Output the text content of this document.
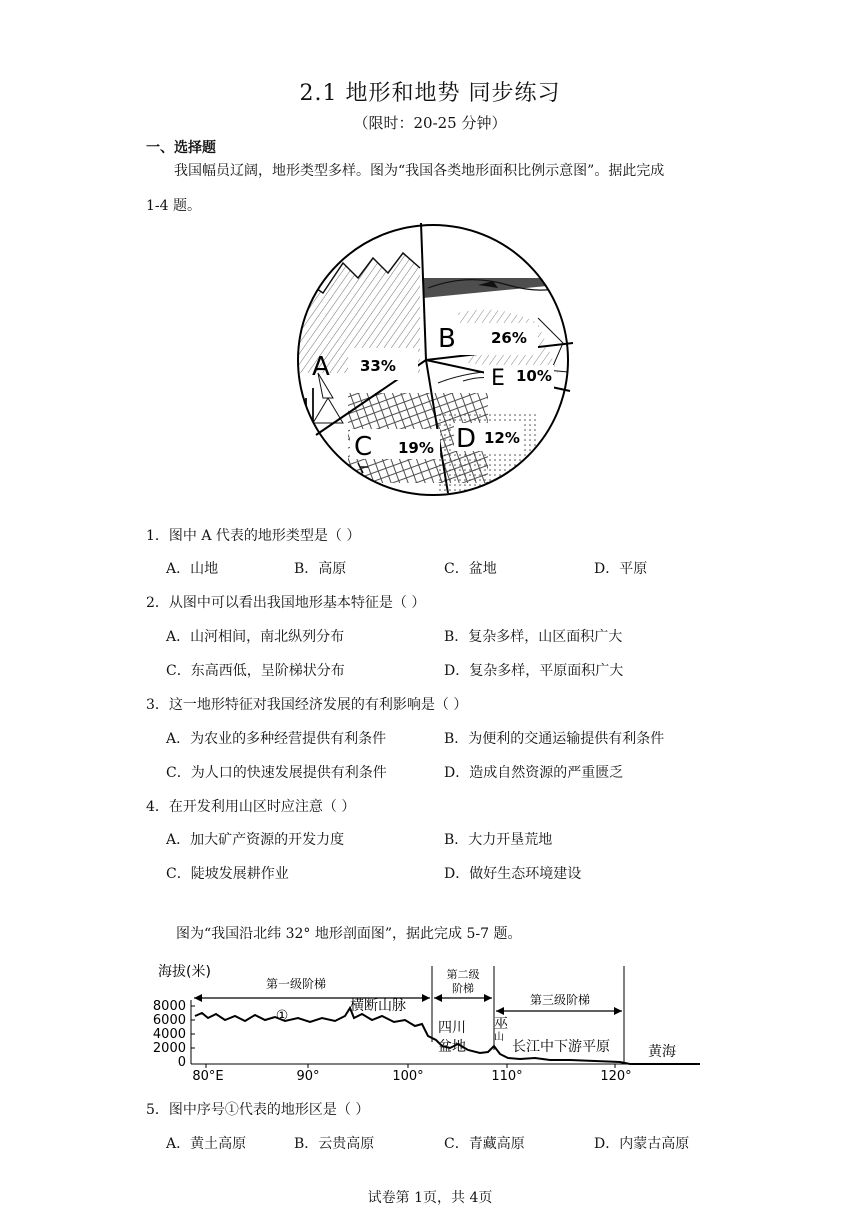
2.1 地形和地势 同步练习
（限时：20-25 分钟）
一、选择题
我国幅员辽阔，地形类型多样。图为“我国各类地形面积比例示意图”。据此完成
1-4 题。
A 33%
B 26%
E 10%
D 12%
C 19%
1．图中 A 代表的地形类型是（ ）
A．山地	B．高原	C．盆地	D．平原
2．从图中可以看出我国地形基本特征是（ ）
A．山河相间，南北纵列分布	B．复杂多样，山区面积广大
C．东高西低，呈阶梯状分布	D．复杂多样，平原面积广大
3．这一地形特征对我国经济发展的有利影响是（ ）
A．为农业的多种经营提供有利条件	B．为便利的交通运输提供有利条件
C．为人口的快速发展提供有利条件	D．造成自然资源的严重匮乏
4．在开发利用山区时应注意（ ）
A．加大矿产资源的开发力度	B．大力开垦荒地
C．陡坡发展耕作业	D．做好生态环境建设
图为“我国沿北纬 32° 地形剖面图”，据此完成 5-7 题。
海拔(米)
8000
6000
4000
2000
0
80°E	90°	100°	110°	120°
第一级阶梯
第二级
阶梯
第三级阶梯
①
横断山脉
四川
盆地
巫
山
长江中下游平原	黄海
5．图中序号①代表的地形区是（ ）
A．黄土高原	B．云贵高原	C．青藏高原	D．内蒙古高原
试卷第 1页，共 4页
